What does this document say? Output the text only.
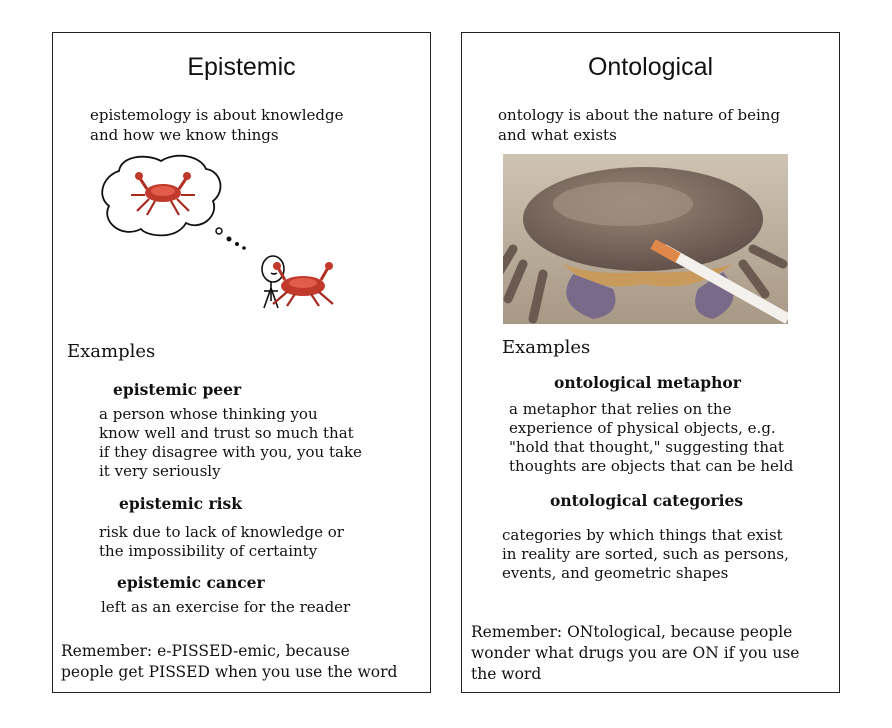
Epistemic
epistemology is about knowledge
and how we know things
Examples
epistemic peer
a person whose thinking you
know well and trust so much that
if they disagree with you, you take
it very seriously
epistemic risk
risk due to lack of knowledge or
the impossibility of certainty
epistemic cancer
left as an exercise for the reader
Remember: e-PISSED-emic, because
people get PISSED when you use the word
Ontological
ontology is about the nature of being
and what exists
Examples
ontological metaphor
a metaphor that relies on the
experience of physical objects, e.g.
"hold that thought," suggesting that
thoughts are objects that can be held
ontological categories
categories by which things that exist
in reality are sorted, such as persons,
events, and geometric shapes
Remember: ONtological, because people
wonder what drugs you are ON if you use
the word
